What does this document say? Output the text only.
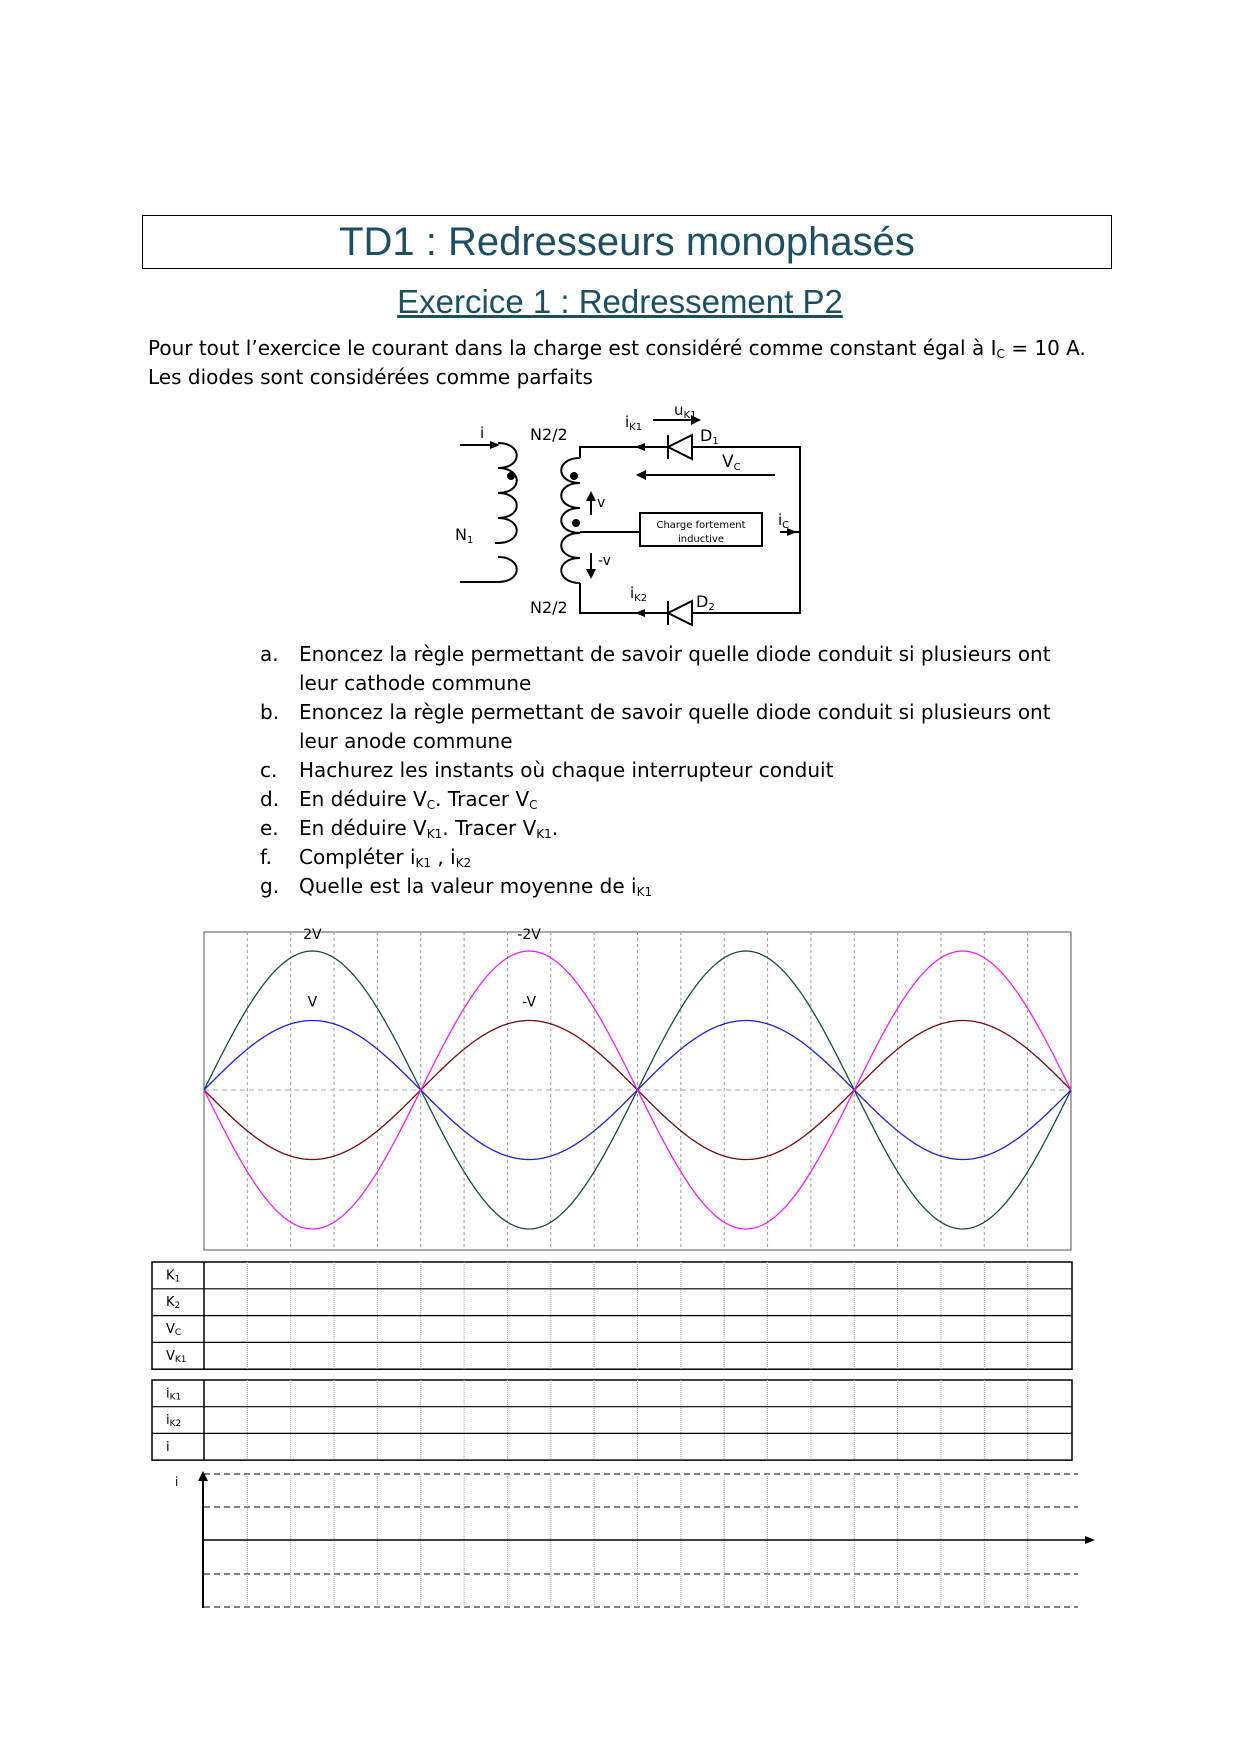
TD1 : Redresseurs monophasés
Exercice 1 : Redressement P2
Pour tout l’exercice le courant dans la charge est considéré comme constant égal à $I_C = 10$ A.
Les diodes sont considérées comme parfaits
i
N1
N2/2
N2/2
v
-v
$i_{K1}$
$u_{K1}$
D1
D2
$i_{K2}$
VC
$i_C$
Charge fortement
inductive
a. Enoncez la règle permettant de savoir quelle diode conduit si plusieurs ont leur cathode commune
b. Enoncez la règle permettant de savoir quelle diode conduit si plusieurs ont leur anode commune
c. Hachurez les instants où chaque interrupteur conduit
d. En déduire $V_C$. Tracer $V_C$
e. En déduire $V_{K1}$. Tracer $V_{K1}$.
f. Compléter $i_{K1}$ , $i_{K2}$
g. Quelle est la valeur moyenne de $i_{K1}$
2V
V	-V
-2V
K1
K2
VC
VK1
iK1
iK2
i
i
